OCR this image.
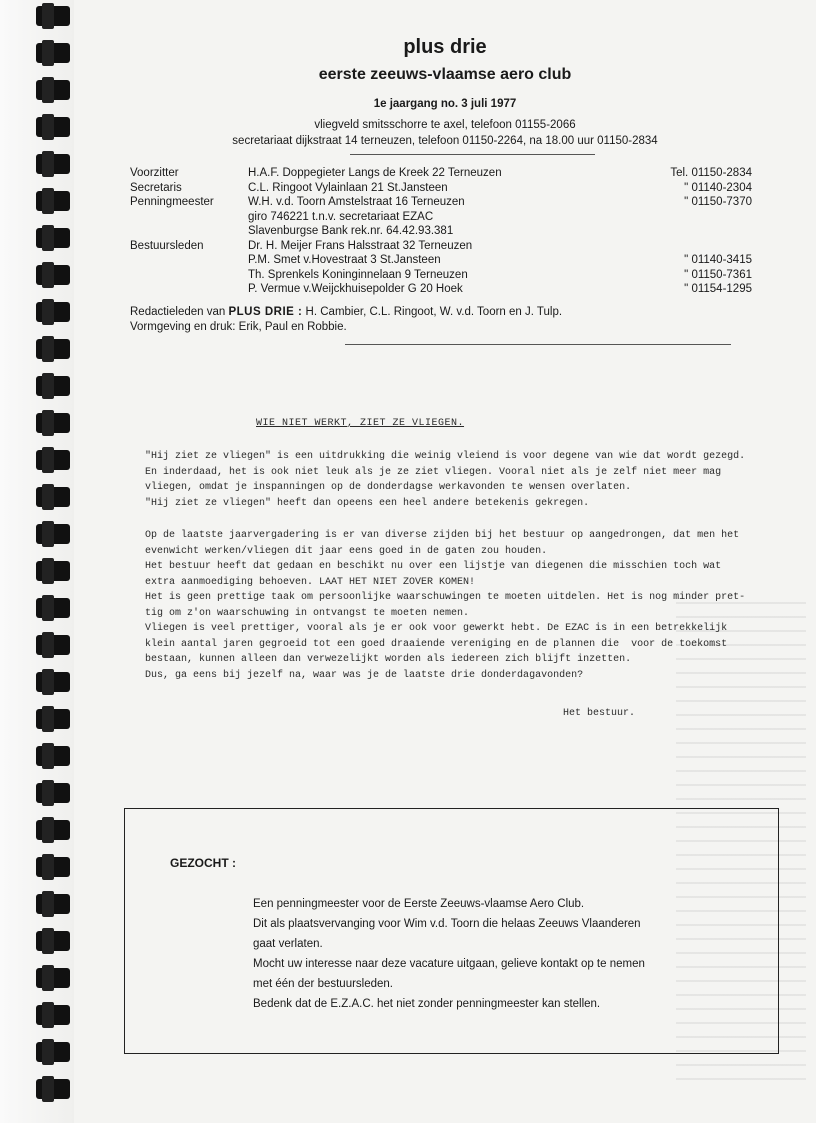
plus drie
eerste zeeuws-vlaamse aero club
1e jaargang no. 3 juli 1977
vliegveld smitsschorre te axel, telefoon 01155-2066
secretariaat dijkstraat 14 terneuzen, telefoon 01150-2264, na 18.00 uur 01150-2834
Voorzitter	H.A.F. Doppegieter Langs de Kreek 22 Terneuzen	Tel. 01150-2834
Secretaris	C.L. Ringoot Vylainlaan 21 St.Jansteen	" 01140-2304
Penningmeester	W.H. v.d. Toorn Amstelstraat 16 Terneuzen	" 01150-7370
giro 746221 t.n.v. secretariaat EZAC
Slavenburgse Bank rek.nr. 64.42.93.381
Bestuursleden	Dr. H. Meijer Frans Halsstraat 32 Terneuzen
P.M. Smet v.Hovestraat 3 St.Jansteen	" 01140-3415
Th. Sprenkels Koninginnelaan 9 Terneuzen	" 01150-7361
P. Vermue v.Weijckhuisepolder G 20 Hoek	" 01154-1295
Redactieleden van PLUS DRIE : H. Cambier, C.L. Ringoot, W. v.d. Toorn en J. Tulp.
Vormgeving en druk: Erik, Paul en Robbie.
WIE NIET WERKT, ZIET ZE VLIEGEN.
"Hij ziet ze vliegen" is een uitdrukking die weinig vleiend is voor degene van wie dat wordt gezegd.
En inderdaad, het is ook niet leuk als je ze ziet vliegen. Vooral niet als je zelf niet meer mag
vliegen, omdat je inspanningen op de donderdagse werkavonden te wensen overlaten.
"Hij ziet ze vliegen" heeft dan opeens een heel andere betekenis gekregen.
Op de laatste jaarvergadering is er van diverse zijden bij het bestuur op aangedrongen, dat men het
evenwicht werken/vliegen dit jaar eens goed in de gaten zou houden.
Het bestuur heeft dat gedaan en beschikt nu over een lijstje van diegenen die misschien toch wat
extra aanmoediging behoeven. LAAT HET NIET ZOVER KOMEN!
Het is geen prettige taak om persoonlijke waarschuwingen te moeten uitdelen. Het is nog minder pret-
tig om z'on waarschuwing in ontvangst te moeten nemen.
Vliegen is veel prettiger, vooral als je er ook voor gewerkt hebt. De EZAC is in een betrekkelijk
klein aantal jaren gegroeid tot een goed draaiende vereniging en de plannen die  voor de toekomst
bestaan, kunnen alleen dan verwezelijkt worden als iedereen zich blijft inzetten.
Dus, ga eens bij jezelf na, waar was je de laatste drie donderdagavonden?
Het bestuur.
GEZOCHT :
Een penningmeester voor de Eerste Zeeuws-vlaamse Aero Club.
Dit als plaatsvervanging voor Wim v.d. Toorn die helaas Zeeuws Vlaanderen
gaat verlaten.
Mocht uw interesse naar deze vacature uitgaan, gelieve kontakt op te nemen
met één der bestuursleden.
Bedenk dat de E.Z.A.C. het niet zonder penningmeester kan stellen.
